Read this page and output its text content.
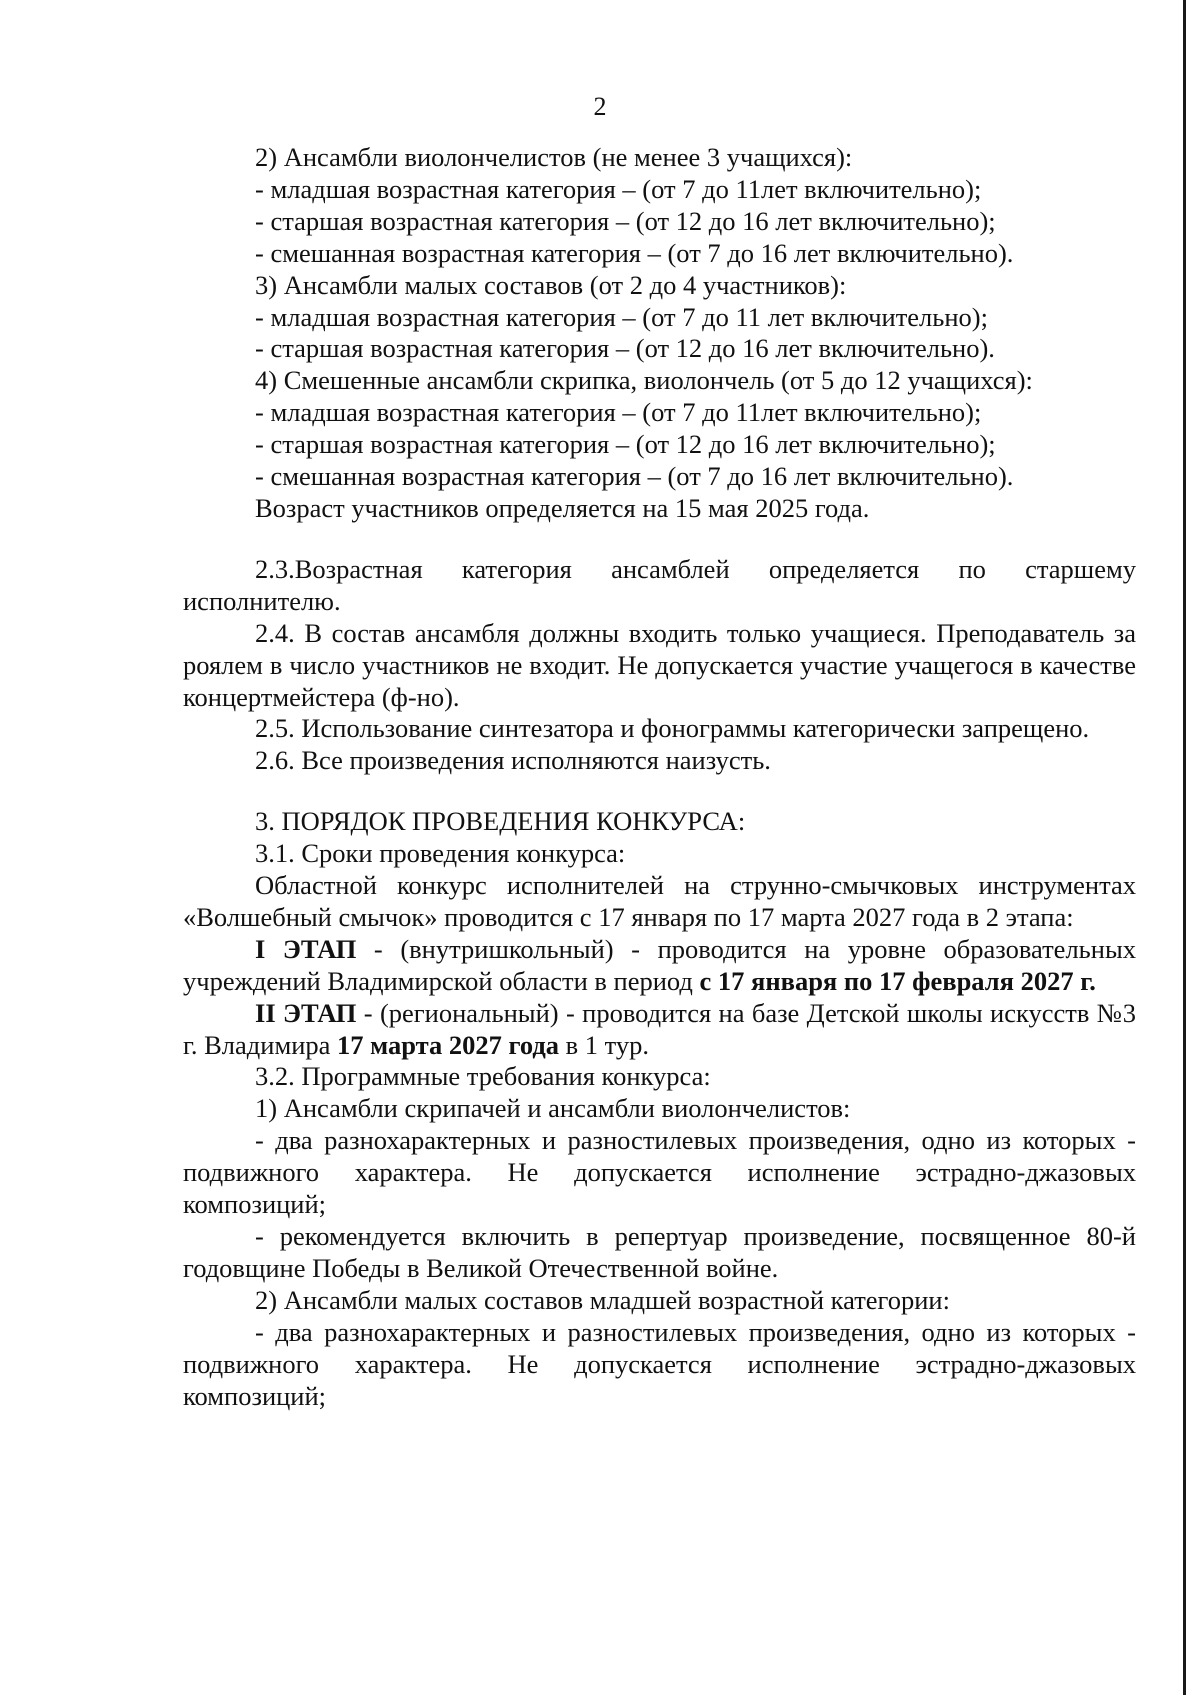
2

2) Ансамбли виолончелистов (не менее 3 учащихся):

- младшая возрастная категория – (от 7 до 11лет включительно);

- старшая возрастная категория – (от 12 до 16 лет включительно);

- смешанная возрастная категория – (от 7 до 16 лет включительно).

3) Ансамбли малых составов (от 2 до 4 участников):

- младшая возрастная категория – (от 7 до 11 лет включительно);

- старшая возрастная категория – (от 12 до 16 лет включительно).

4) Смешенные ансамбли скрипка, виолончель (от 5 до 12 учащихся):

- младшая возрастная категория – (от 7 до 11лет включительно);

- старшая возрастная категория – (от 12 до 16 лет включительно);

- смешанная возрастная категория – (от 7 до 16 лет включительно).

Возраст участников определяется на 15 мая 2025 года.

2.3.Возрастная категория ансамблей определяется по старшему исполнителю.

2.4. В состав ансамбля должны входить только учащиеся. Преподаватель за роялем в число участников не входит. Не допускается участие учащегося в качестве концертмейстера (ф-но).

2.5. Использование синтезатора и фонограммы категорически запрещено.

2.6. Все произведения исполняются наизусть.

3. ПОРЯДОК ПРОВЕДЕНИЯ КОНКУРСА:

3.1. Сроки проведения конкурса:

Областной конкурс исполнителей на струнно-смычковых инструментах «Волшебный смычок» проводится с 17 января по 17 марта 2027 года в 2 этапа:

I ЭТАП - (внутришкольный) - проводится на уровне образовательных учреждений Владимирской области в период с 17 января по 17 февраля 2027 г.

II ЭТАП - (региональный) - проводится на базе Детской школы искусств №3 г. Владимира 17 марта 2027 года в 1 тур.

3.2. Программные требования конкурса:

1) Ансамбли скрипачей и ансамбли виолончелистов:

- два разнохарактерных и разностилевых произведения, одно из которых - подвижного характера. Не допускается исполнение эстрадно-джазовых композиций;

- рекомендуется включить в репертуар произведение, посвященное 80-й годовщине Победы в Великой Отечественной войне.

2) Ансамбли малых составов младшей возрастной категории:

- два разнохарактерных и разностилевых произведения, одно из которых - подвижного характера. Не допускается исполнение эстрадно-джазовых композиций;
